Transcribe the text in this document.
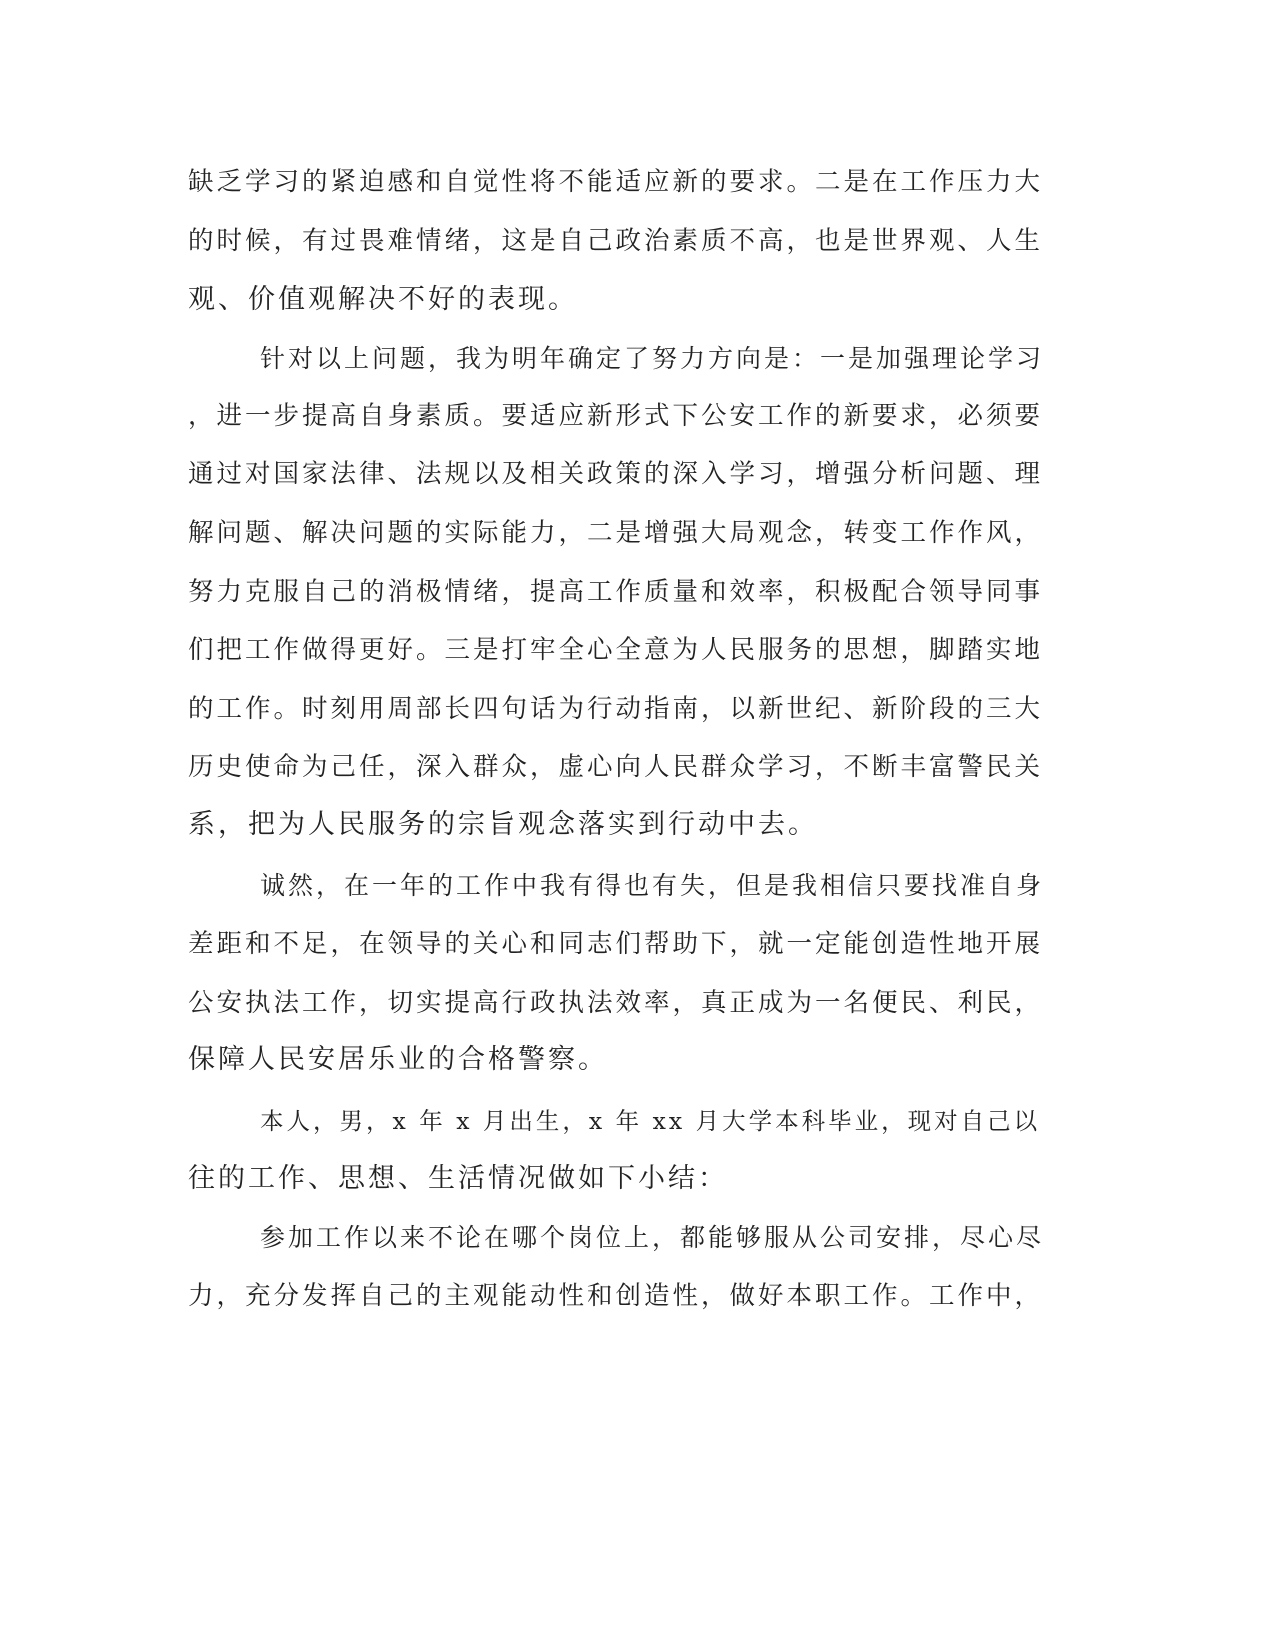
缺乏学习的紧迫感和自觉性将不能适应新的要求。二是在工作压力大
的时候，有过畏难情绪，这是自己政治素质不高，也是世界观、人生
观、价值观解决不好的表现。
针对以上问题，我为明年确定了努力方向是：一是加强理论学习
，进一步提高自身素质。要适应新形式下公安工作的新要求，必须要
通过对国家法律、法规以及相关政策的深入学习，增强分析问题、理
解问题、解决问题的实际能力，二是增强大局观念，转变工作作风，
努力克服自己的消极情绪，提高工作质量和效率，积极配合领导同事
们把工作做得更好。三是打牢全心全意为人民服务的思想，脚踏实地
的工作。时刻用周部长四句话为行动指南，以新世纪、新阶段的三大
历史使命为己任，深入群众，虚心向人民群众学习，不断丰富警民关
系，把为人民服务的宗旨观念落实到行动中去。
诚然，在一年的工作中我有得也有失，但是我相信只要找准自身
差距和不足，在领导的关心和同志们帮助下，就一定能创造性地开展
公安执法工作，切实提高行政执法效率，真正成为一名便民、利民，
保障人民安居乐业的合格警察。
本人，男，x 年 x 月出生，x 年 xx 月大学本科毕业，现对自己以
往的工作、思想、生活情况做如下小结：
参加工作以来不论在哪个岗位上，都能够服从公司安排，尽心尽
力，充分发挥自己的主观能动性和创造性，做好本职工作。工作中，
